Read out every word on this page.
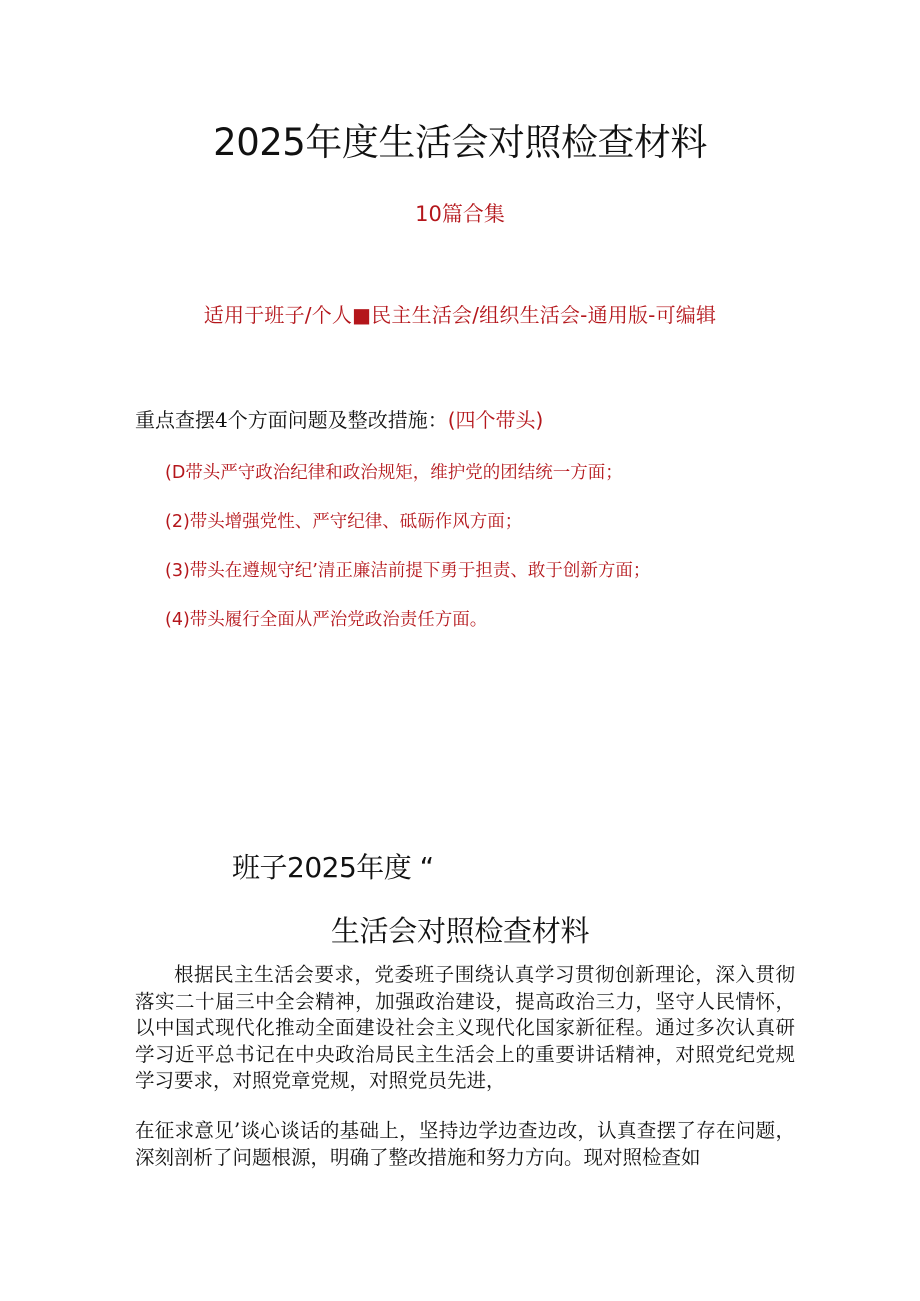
2025年度生活会对照检查材料
10篇合集
适用于班子/个人■民主生活会/组织生活会-通用版-可编辑
重点查摆4个方面问题及整改措施：(四个带头)
(D带头严守政治纪律和政治规矩，维护党的团结统一方面；
(2)带头增强党性、严守纪律、砥砺作风方面；
(3)带头在遵规守纪’清正廉洁前提下勇于担责、敢于创新方面；
(4)带头履行全面从严治党政治责任方面。
班子2025年度 “
生活会对照检查材料

根据民主生活会要求，党委班子围绕认真学习贯彻创新理论，深入贯彻落实二十届三中全会精神，加强政治建设，提高政治三力，坚守人民情怀，以中国式现代化推动全面建设社会主义现代化国家新征程。通过多次认真研学习近平总书记在中央政治局民主生活会上的重要讲话精神，对照党纪党规学习要求，对照党章党规，对照党员先进，

在征求意见’谈心谈话的基础上，坚持边学边查边改，认真查摆了存在问题，深刻剖析了问题根源，明确了整改措施和努力方向。现对照检查如
